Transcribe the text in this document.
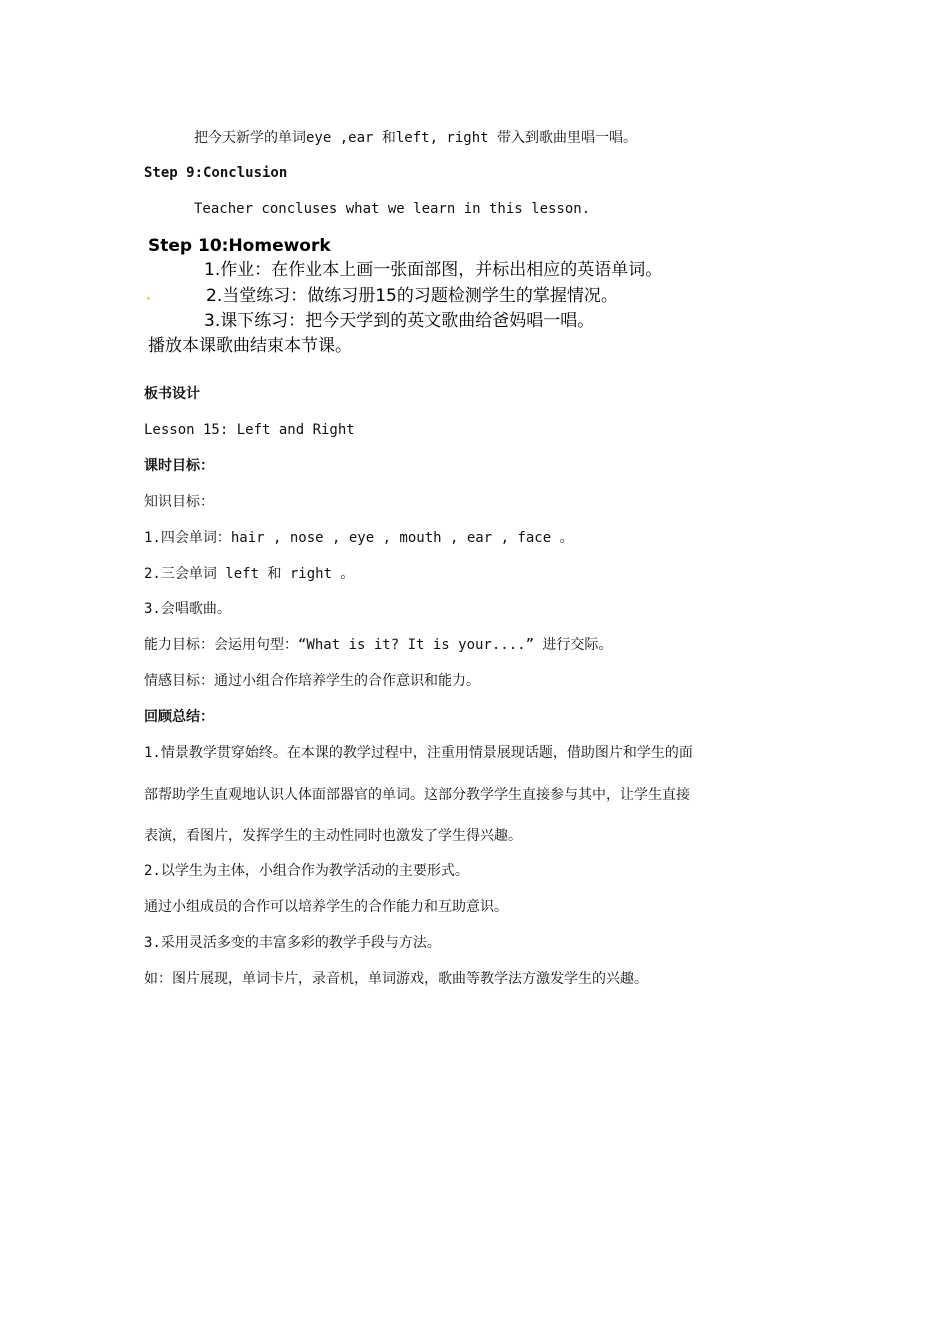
把今天新学的单词eye ,ear 和left, right 带入到歌曲里唱一唱。
Step 9:Conclusion
Teacher concluses what we learn in this lesson.
Step 10:Homework
1.作业：在作业本上画一张面部图，并标出相应的英语单词。
2.当堂练习：做练习册15的习题检测学生的掌握情况。
3.课下练习：把今天学到的英文歌曲给爸妈唱一唱。
播放本课歌曲结束本节课。
板书设计
Lesson 15: Left and Right
课时目标：
知识目标：
1.四会单词：hair , nose , eye , mouth , ear , face 。
2.三会单词 left 和 right 。
3.会唱歌曲。
能力目标：会运用句型：“What is it? It is your....” 进行交际。
情感目标：通过小组合作培养学生的合作意识和能力。
回顾总结：
1.情景教学贯穿始终。在本课的教学过程中，注重用情景展现话题，借助图片和学生的面
部帮助学生直观地认识人体面部器官的单词。这部分教学学生直接参与其中，让学生直接
表演，看图片，发挥学生的主动性同时也激发了学生得兴趣。
2.以学生为主体，小组合作为教学活动的主要形式。
通过小组成员的合作可以培养学生的合作能力和互助意识。
3.采用灵活多变的丰富多彩的教学手段与方法。
如：图片展现，单词卡片，录音机，单词游戏，歌曲等教学法方激发学生的兴趣。
